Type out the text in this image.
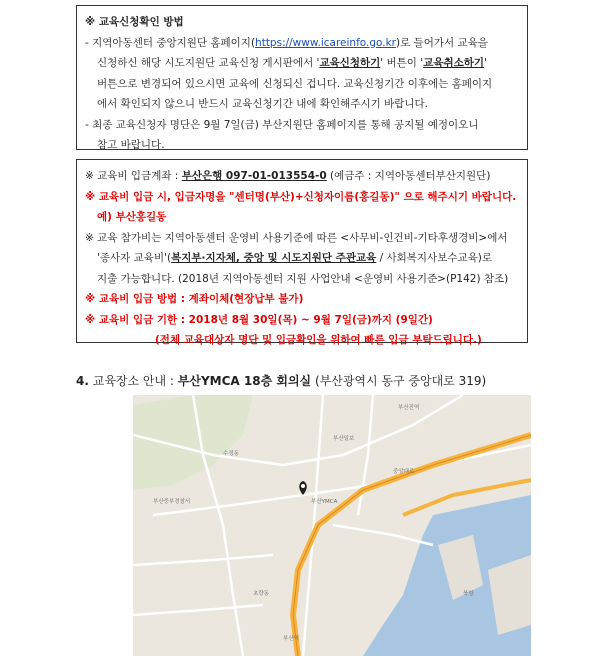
※ 교육신청확인 방법
- 지역아동센터 중앙지원단 홈페이지(https://www.icareinfo.go.kr)로 들어가서 교육을
신청하신 해당 시도지원단 교육신청 게시판에서 '교육신청하기' 버튼이 '교육취소하기'
버튼으로 변경되어 있으시면 교육에 신청되신 겁니다. 교육신청기간 이후에는 홈페이지
에서 확인되지 않으니 반드시 교육신청기간 내에 확인해주시기 바랍니다.
- 최종 교육신청자 명단은 9월 7일(금) 부산지원단 홈페이지를 통해 공지될 예정이오니
참고 바랍니다.
※ 교육비 입금계좌 : 부산은행 097-01-013554-0 (예금주 : 지역아동센터부산지원단)
※ 교육비 입금 시, 입금자명을 "센터명(부산)+신청자이름(홍길동)" 으로 해주시기 바랍니다.
예) 부산홍길동
※ 교육 참가비는 지역아동센터 운영비 사용기준에 따른 <사무비-인건비-기타후생경비>에서
'종사자 교육비'(복지부·지자체, 중앙 및 시도지원단 주관교육 / 사회복지사보수교육)로
지출 가능합니다. (2018년 지역아동센터 지원 사업안내 <운영비 사용기준>(P142) 참조)
※ 교육비 입금 방법 : 계좌이체(현장납부 불가)
※ 교육비 입금 기한 : 2018년 8월 30일(목) ~ 9월 7일(금)까지 (9일간)
(전체 교육대상자 명단 및 입금확인을 위하여 빠른 입금 부탁드립니다.)
4. 교육장소 안내 : 부산YMCA 18층 회의실 (부산광역시 동구 중앙대로 319)
부산진역
부산일보
부산YMCA
부산중부경찰서
초량동
수정동
부산역
북항
중앙대로
